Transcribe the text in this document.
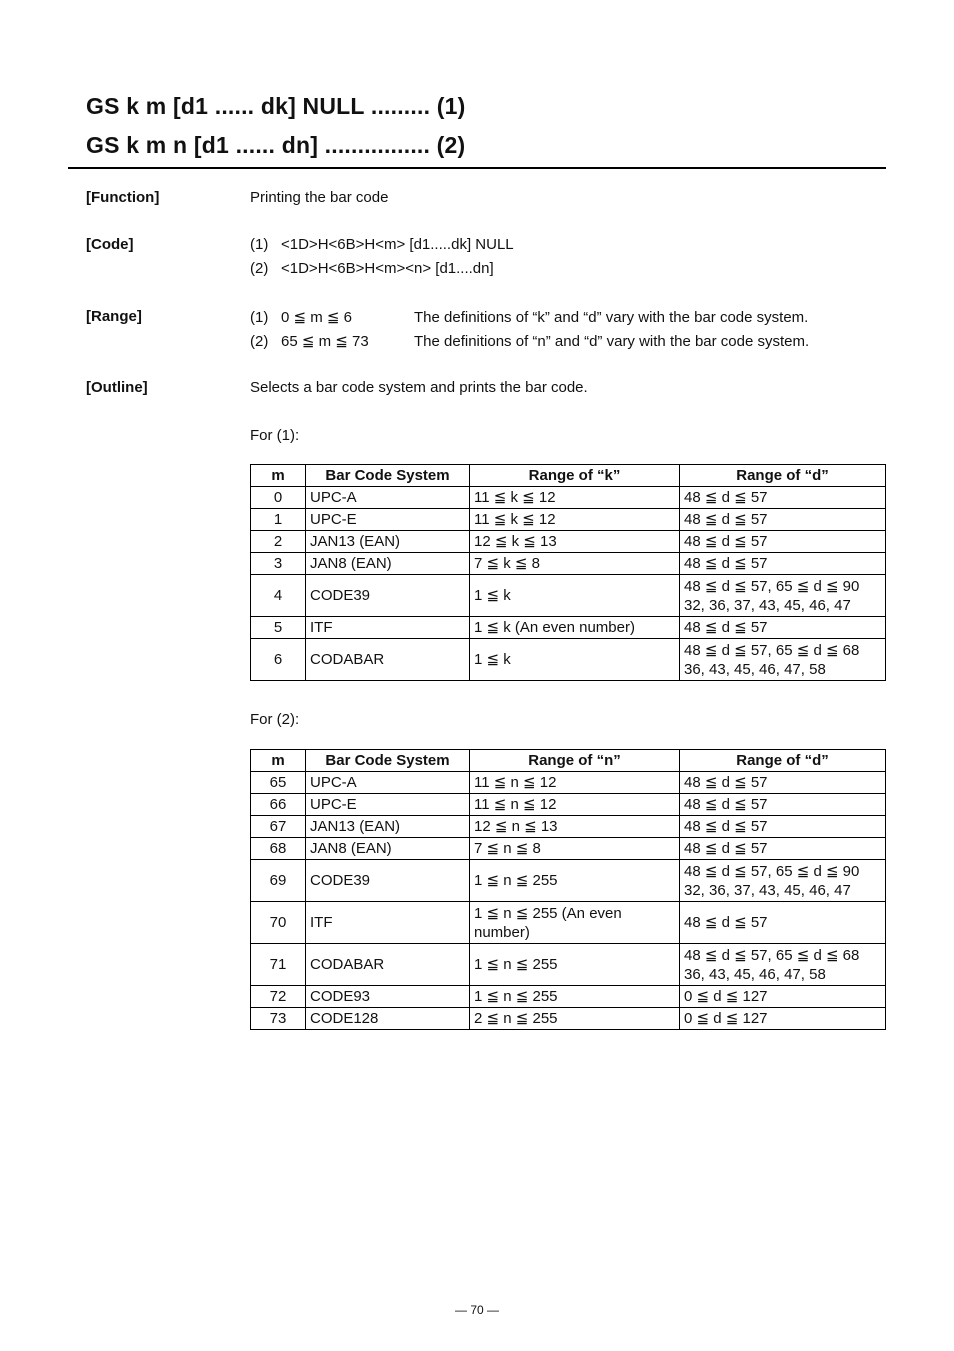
GS k m [d1 ...... dk] NULL ......... (1)
GS k m n [d1 ...... dn] ................ (2)
[Function]	Printing the bar code
[Code]	(1) <1D>H<6B>H<m> [d1.....dk] NULL
(2) <1D>H<6B>H<m><n> [d1....dn]
[Range]	(1) 0 ≦ m ≦ 6	The definitions of “k” and “d” vary with the bar code system.
(2) 65 ≦ m ≦ 73	The definitions of “n” and “d” vary with the bar code system.
[Outline]	Selects a bar code system and prints the bar code.
For (1):
m	Bar Code System	Range of “k”	Range of “d”
0	UPC-A	11 ≦ k ≦ 12	48 ≦ d ≦ 57
1	UPC-E	11 ≦ k ≦ 12	48 ≦ d ≦ 57
2	JAN13 (EAN)	12 ≦ k ≦ 13	48 ≦ d ≦ 57
3	JAN8 (EAN)	7 ≦ k ≦ 8	48 ≦ d ≦ 57
4	CODE39	1 ≦ k	48 ≦ d ≦ 57, 65 ≦ d ≦ 90
32, 36, 37, 43, 45, 46, 47
5	ITF	1 ≦ k (An even number)	48 ≦ d ≦ 57
6	CODABAR	1 ≦ k	48 ≦ d ≦ 57, 65 ≦ d ≦ 68
36, 43, 45, 46, 47, 58
For (2):
m	Bar Code System	Range of “n”	Range of “d”
65	UPC-A	11 ≦ n ≦ 12	48 ≦ d ≦ 57
66	UPC-E	11 ≦ n ≦ 12	48 ≦ d ≦ 57
67	JAN13 (EAN)	12 ≦ n ≦ 13	48 ≦ d ≦ 57
68	JAN8 (EAN)	7 ≦ n ≦ 8	48 ≦ d ≦ 57
69	CODE39	1 ≦ n ≦ 255	48 ≦ d ≦ 57, 65 ≦ d ≦ 90
32, 36, 37, 43, 45, 46, 47
70	ITF	1 ≦ n ≦ 255 (An even
number)	48 ≦ d ≦ 57
71	CODABAR	1 ≦ n ≦ 255	48 ≦ d ≦ 57, 65 ≦ d ≦ 68
36, 43, 45, 46, 47, 58
72	CODE93	1 ≦ n ≦ 255	0 ≦ d ≦ 127
73	CODE128	2 ≦ n ≦ 255	0 ≦ d ≦ 127
— 70 —
